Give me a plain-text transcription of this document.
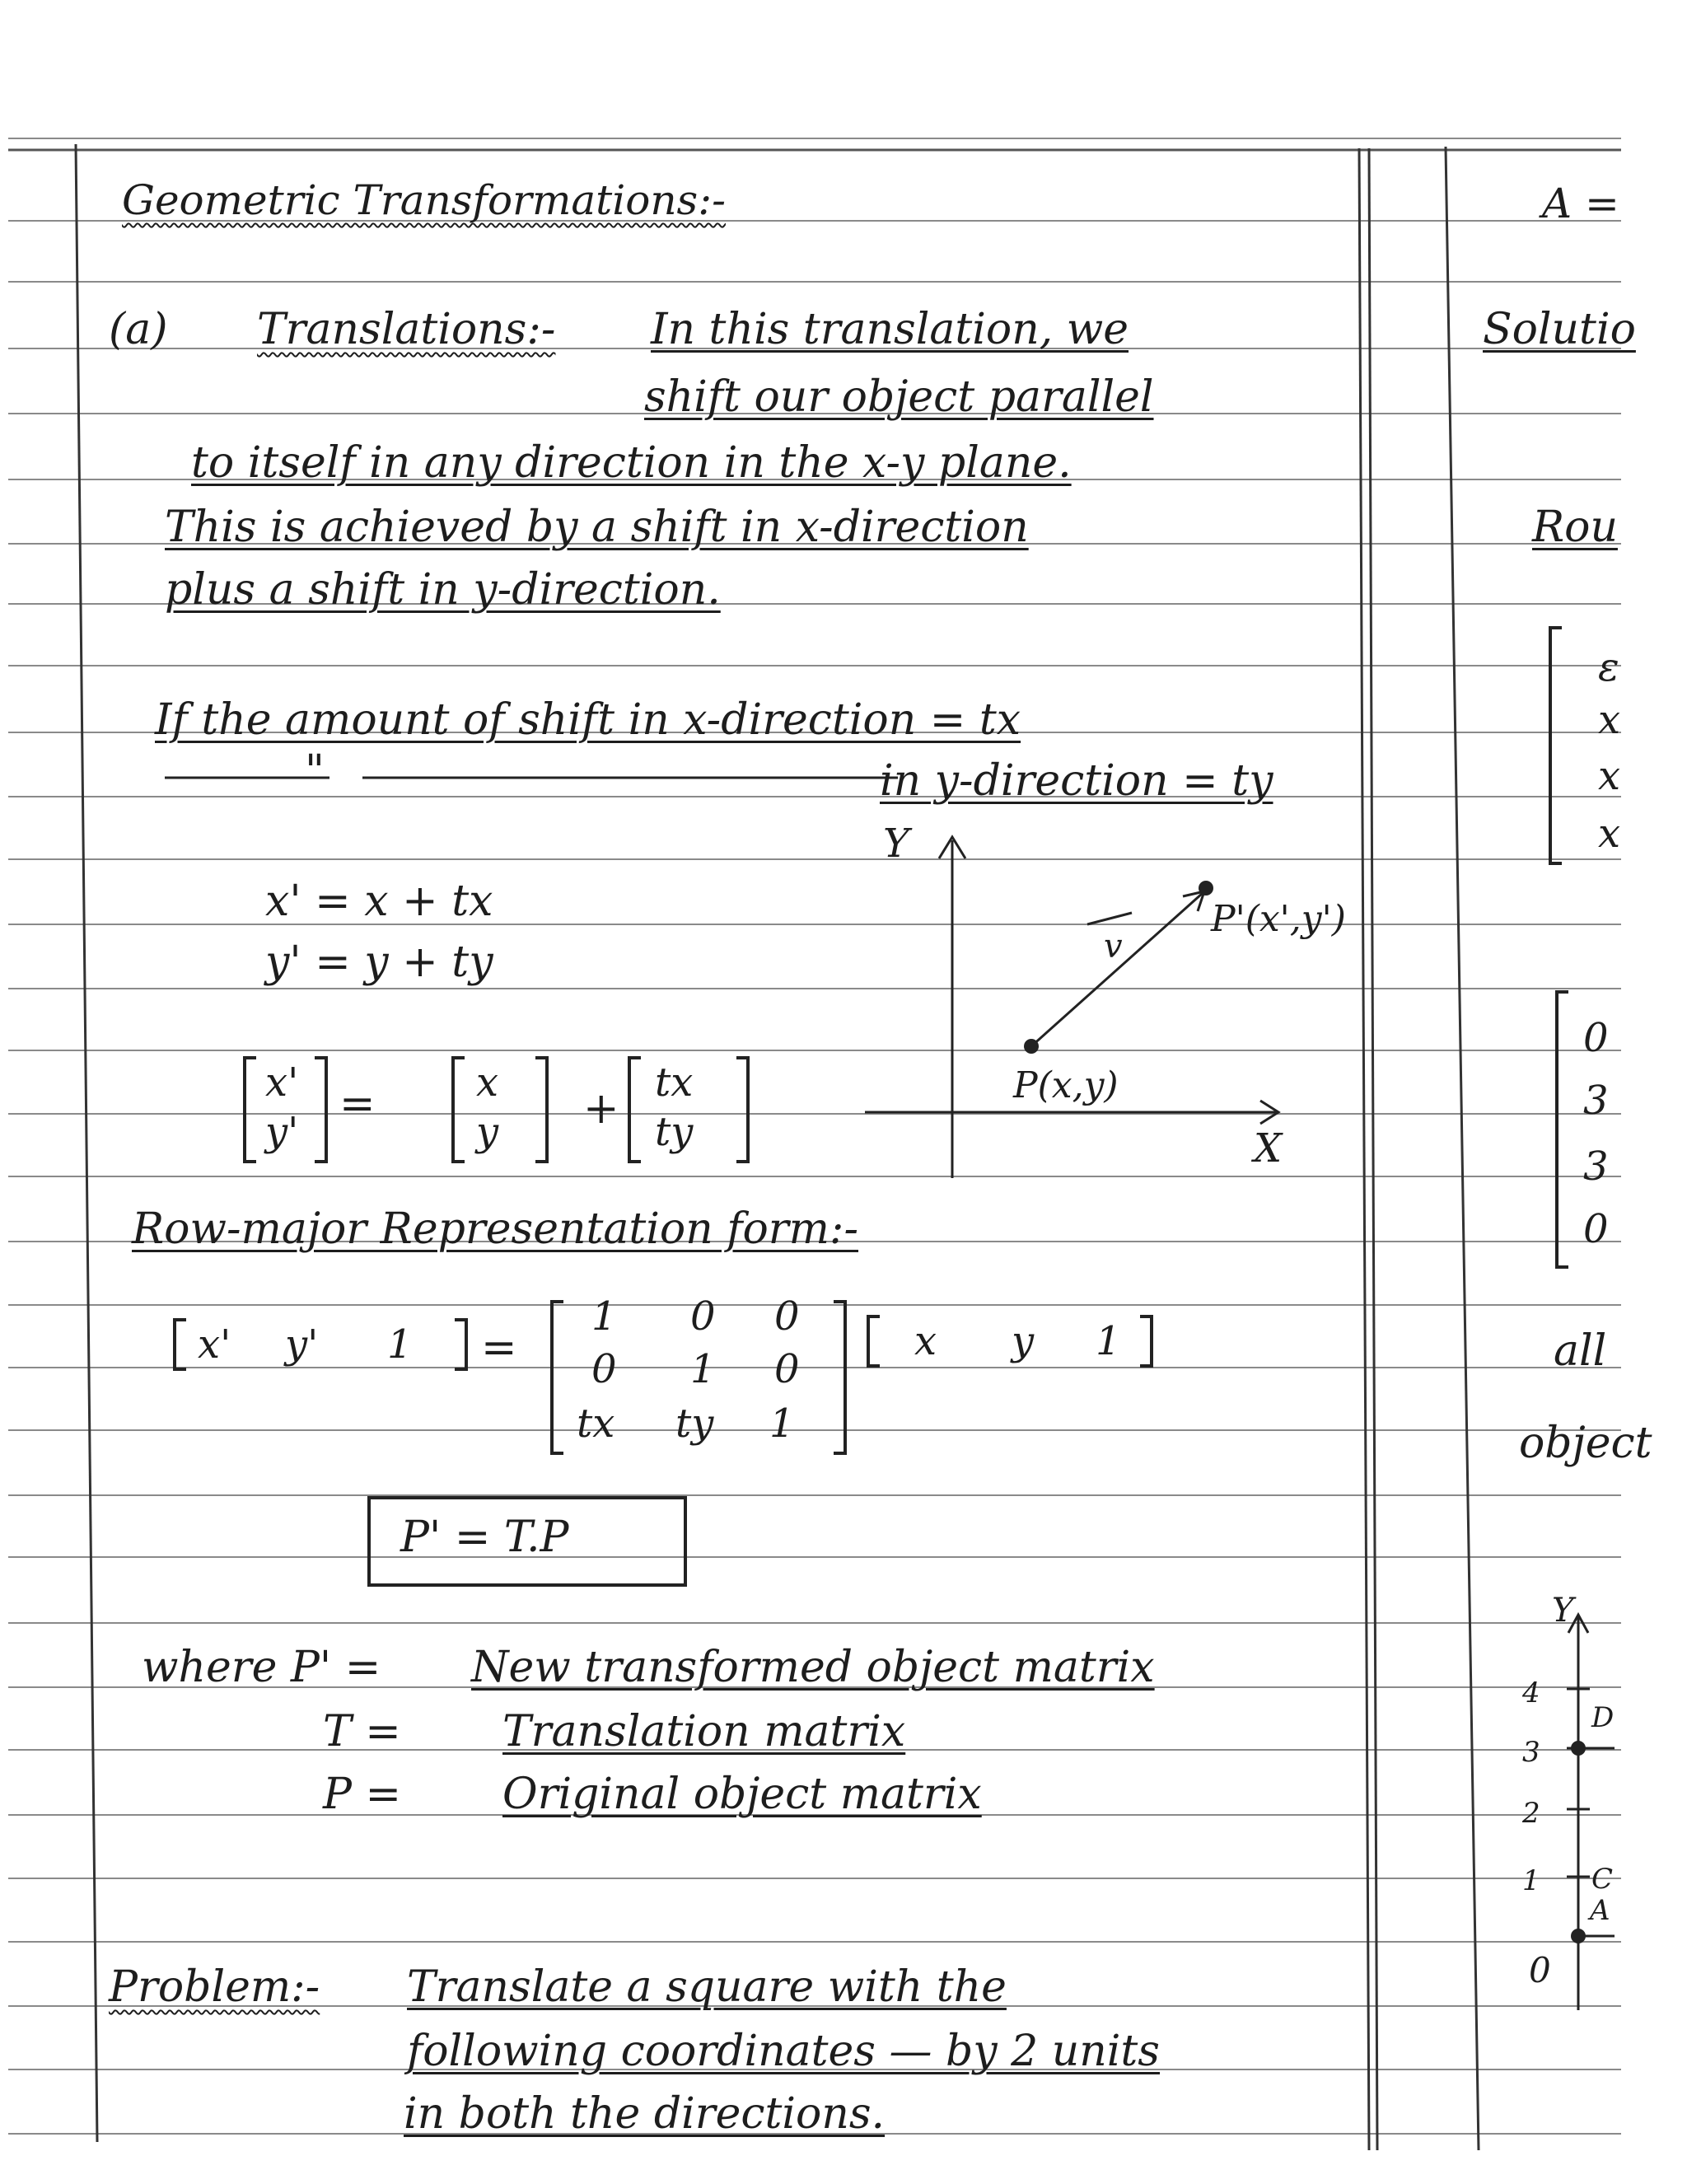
Geometric Transformations:-	A =
(a) Translations:- In this translation, we
shift our object parallel
to itself in any direction in the x-y plane.
This is achieved by a shift in x-direction
plus a shift in y-direction.
Solutio
Rou
ε
x
x
x
If the amount of shift in x-direction = tx
"	in y-direction = ty
x' = x + tx
y' = y + ty
x'
y'
=	x
y +
tx
ty
Y
X
P(x,y)
P'(x',y')
v
0
3
3
0
Row-major Representation form:-
x' y' 1 =
1 0 0
0 1 0
tx ty 1
x y 1	all
object
P' = T.P
where P' = New transformed object matrix
T = Translation matrix
P = Original object matrix
Y
4
3
2
1
0
D
C
A
Problem:- Translate a square with the
following coordinates — by 2 units
in both the directions.
